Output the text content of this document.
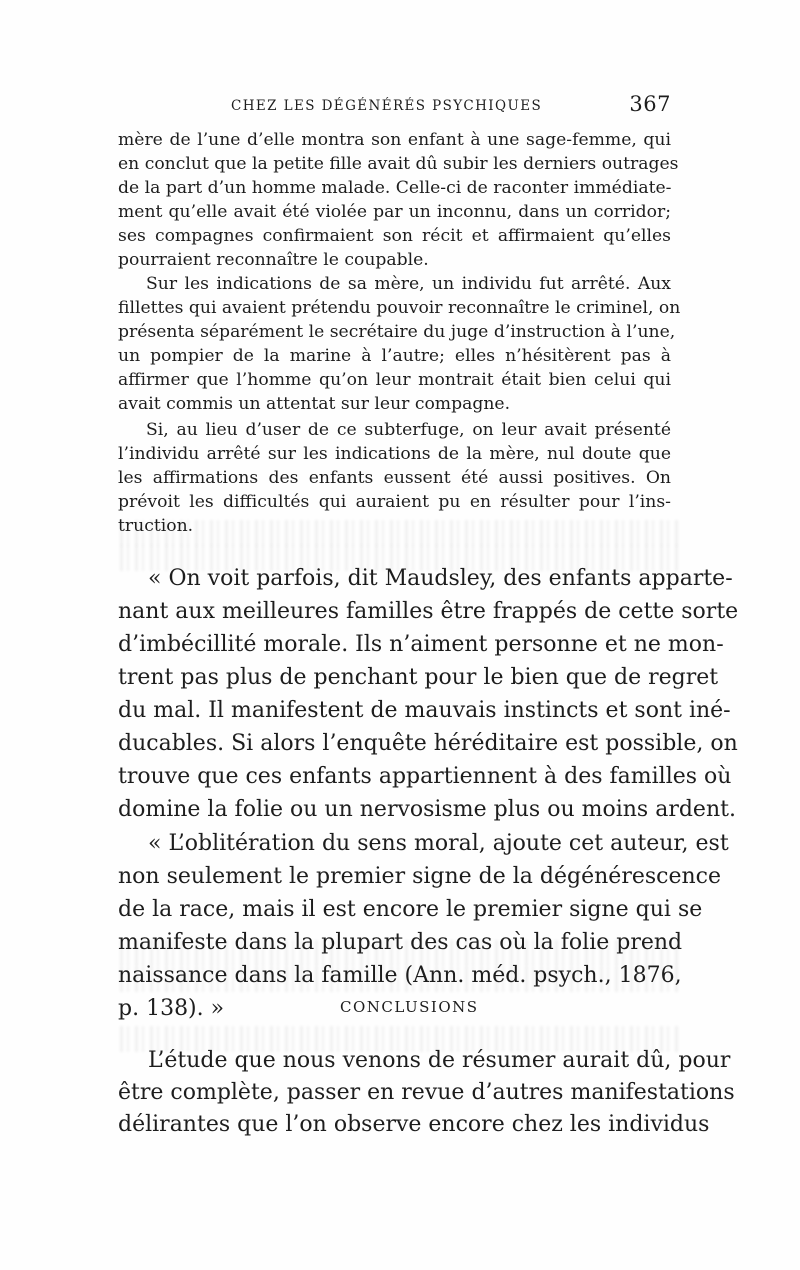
CHEZ LES DÉGÉNÉRÉS PSYCHIQUES	367
mère de l’une d’elle montra son enfant à une sage-femme, qui
en conclut que la petite fille avait dû subir les derniers outrages
de la part d’un homme malade. Celle-ci de raconter immédiate-
ment qu’elle avait été violée par un inconnu, dans un corridor;
ses compagnes confirmaient son récit et affirmaient qu’elles
pourraient reconnaître le coupable.
Sur les indications de sa mère, un individu fut arrêté. Aux
fillettes qui avaient prétendu pouvoir reconnaître le criminel, on
présenta séparément le secrétaire du juge d’instruction à l’une,
un pompier de la marine à l’autre; elles n’hésitèrent pas à
affirmer que l’homme qu’on leur montrait était bien celui qui
avait commis un attentat sur leur compagne.
Si, au lieu d’user de ce subterfuge, on leur avait présenté
l’individu arrêté sur les indications de la mère, nul doute que
les affirmations des enfants eussent été aussi positives. On
prévoit les difficultés qui auraient pu en résulter pour l’ins-
truction.
« On voit parfois, dit Maudsley, des enfants apparte-
nant aux meilleures familles être frappés de cette sorte
d’imbécillité morale. Ils n’aiment personne et ne mon-
trent pas plus de penchant pour le bien que de regret
du mal. Il manifestent de mauvais instincts et sont iné-
ducables. Si alors l’enquête héréditaire est possible, on
trouve que ces enfants appartiennent à des familles où
domine la folie ou un nervosisme plus ou moins ardent.
« L’oblitération du sens moral, ajoute cet auteur, est
non seulement le premier signe de la dégénérescence
de la race, mais il est encore le premier signe qui se
manifeste dans la plupart des cas où la folie prend
naissance dans la famille (Ann. méd. psych., 1876,
p. 138). »	CONCLUSIONS
L’étude que nous venons de résumer aurait dû, pour
être complète, passer en revue d’autres manifestations
délirantes que l’on observe encore chez les individus
